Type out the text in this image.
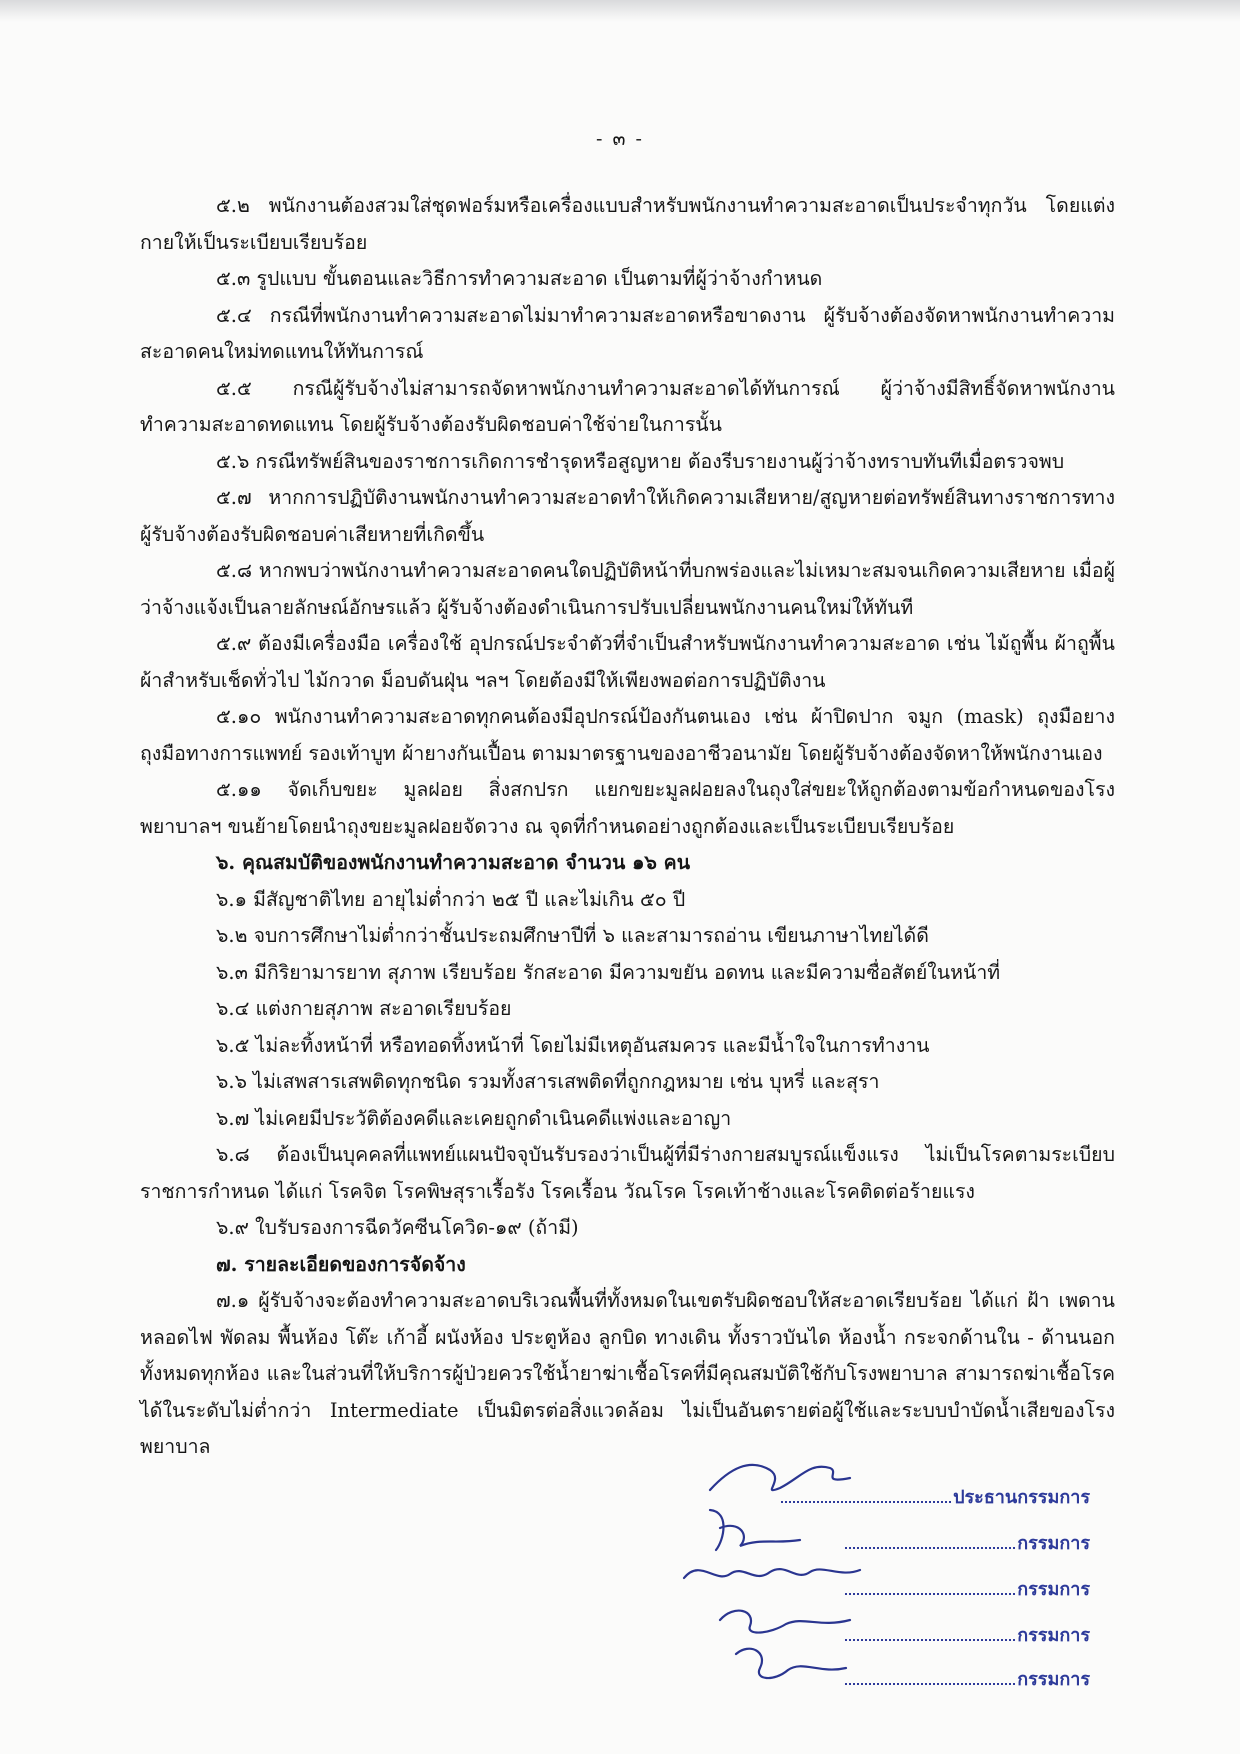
- ๓ -

๕.๒ พนักงานต้องสวมใส่ชุดฟอร์มหรือเครื่องแบบสำหรับพนักงานทำความสะอาดเป็นประจำทุกวัน โดยแต่งกายให้เป็นระเบียบเรียบร้อย

๕.๓ รูปแบบ ขั้นตอนและวิธีการทำความสะอาด เป็นตามที่ผู้ว่าจ้างกำหนด

๕.๔ กรณีที่พนักงานทำความสะอาดไม่มาทำความสะอาดหรือขาดงาน ผู้รับจ้างต้องจัดหาพนักงานทำความสะอาดคนใหม่ทดแทนให้ทันการณ์

๕.๕ กรณีผู้รับจ้างไม่สามารถจัดหาพนักงานทำความสะอาดได้ทันการณ์ ผู้ว่าจ้างมีสิทธิ์จัดหาพนักงานทำความสะอาดทดแทน โดยผู้รับจ้างต้องรับผิดชอบค่าใช้จ่ายในการนั้น

๕.๖ กรณีทรัพย์สินของราชการเกิดการชำรุดหรือสูญหาย ต้องรีบรายงานผู้ว่าจ้างทราบทันทีเมื่อตรวจพบ

๕.๗ หากการปฏิบัติงานพนักงานทำความสะอาดทำให้เกิดความเสียหาย/สูญหายต่อทรัพย์สินทางราชการทางผู้รับจ้างต้องรับผิดชอบค่าเสียหายที่เกิดขึ้น

๕.๘ หากพบว่าพนักงานทำความสะอาดคนใดปฏิบัติหน้าที่บกพร่องและไม่เหมาะสมจนเกิดความเสียหาย เมื่อผู้ว่าจ้างแจ้งเป็นลายลักษณ์อักษรแล้ว ผู้รับจ้างต้องดำเนินการปรับเปลี่ยนพนักงานคนใหม่ให้ทันที

๕.๙ ต้องมีเครื่องมือ เครื่องใช้ อุปกรณ์ประจำตัวที่จำเป็นสำหรับพนักงานทำความสะอาด เช่น ไม้ถูพื้น ผ้าถูพื้น ผ้าสำหรับเช็ดทั่วไป ไม้กวาด ม็อบดันฝุ่น ฯลฯ โดยต้องมีให้เพียงพอต่อการปฏิบัติงาน

๕.๑๐ พนักงานทำความสะอาดทุกคนต้องมีอุปกรณ์ป้องกันตนเอง เช่น ผ้าปิดปาก จมูก (mask) ถุงมือยาง ถุงมือทางการแพทย์ รองเท้าบูท ผ้ายางกันเปื้อน ตามมาตรฐานของอาชีวอนามัย โดยผู้รับจ้างต้องจัดหาให้พนักงานเอง

๕.๑๑ จัดเก็บขยะ มูลฝอย สิ่งสกปรก แยกขยะมูลฝอยลงในถุงใส่ขยะให้ถูกต้องตามข้อกำหนดของโรงพยาบาลฯ ขนย้ายโดยนำถุงขยะมูลฝอยจัดวาง ณ จุดที่กำหนดอย่างถูกต้องและเป็นระเบียบเรียบร้อย

๖. คุณสมบัติของพนักงานทำความสะอาด จำนวน ๑๖ คน

๖.๑ มีสัญชาติไทย อายุไม่ต่ำกว่า ๒๕ ปี และไม่เกิน ๕๐ ปี

๖.๒ จบการศึกษาไม่ต่ำกว่าชั้นประถมศึกษาปีที่ ๖ และสามารถอ่าน เขียนภาษาไทยได้ดี

๖.๓ มีกิริยามารยาท สุภาพ เรียบร้อย รักสะอาด มีความขยัน อดทน และมีความซื่อสัตย์ในหน้าที่

๖.๔ แต่งกายสุภาพ สะอาดเรียบร้อย

๖.๕ ไม่ละทิ้งหน้าที่ หรือทอดทิ้งหน้าที่ โดยไม่มีเหตุอันสมควร และมีน้ำใจในการทำงาน

๖.๖ ไม่เสพสารเสพติดทุกชนิด รวมทั้งสารเสพติดที่ถูกกฎหมาย เช่น บุหรี่ และสุรา

๖.๗ ไม่เคยมีประวัติต้องคดีและเคยถูกดำเนินคดีแพ่งและอาญา

๖.๘ ต้องเป็นบุคคลที่แพทย์แผนปัจจุบันรับรองว่าเป็นผู้ที่มีร่างกายสมบูรณ์แข็งแรง ไม่เป็นโรคตามระเบียบราชการกำหนด ได้แก่ โรคจิต โรคพิษสุราเรื้อรัง โรคเรื้อน วัณโรค โรคเท้าช้างและโรคติดต่อร้ายแรง

๖.๙ ใบรับรองการฉีดวัคซีนโควิด-๑๙ (ถ้ามี)

๗. รายละเอียดของการจัดจ้าง

๗.๑ ผู้รับจ้างจะต้องทำความสะอาดบริเวณพื้นที่ทั้งหมดในเขตรับผิดชอบให้สะอาดเรียบร้อย ได้แก่ ฝ้า เพดาน หลอดไฟ พัดลม พื้นห้อง โต๊ะ เก้าอี้ ผนังห้อง ประตูห้อง ลูกบิด ทางเดิน ทั้งราวบันได ห้องน้ำ กระจกด้านใน - ด้านนอกทั้งหมดทุกห้อง และในส่วนที่ให้บริการผู้ป่วยควรใช้น้ำยาฆ่าเชื้อโรคที่มีคุณสมบัติใช้กับโรงพยาบาล สามารถฆ่าเชื้อโรคได้ในระดับไม่ต่ำกว่า Intermediate เป็นมิตรต่อสิ่งแวดล้อม ไม่เป็นอันตรายต่อผู้ใช้และระบบบำบัดน้ำเสียของโรงพยาบาล

ประธานกรรมการ
กรรมการ
กรรมการ
กรรมการ
กรรมการ
